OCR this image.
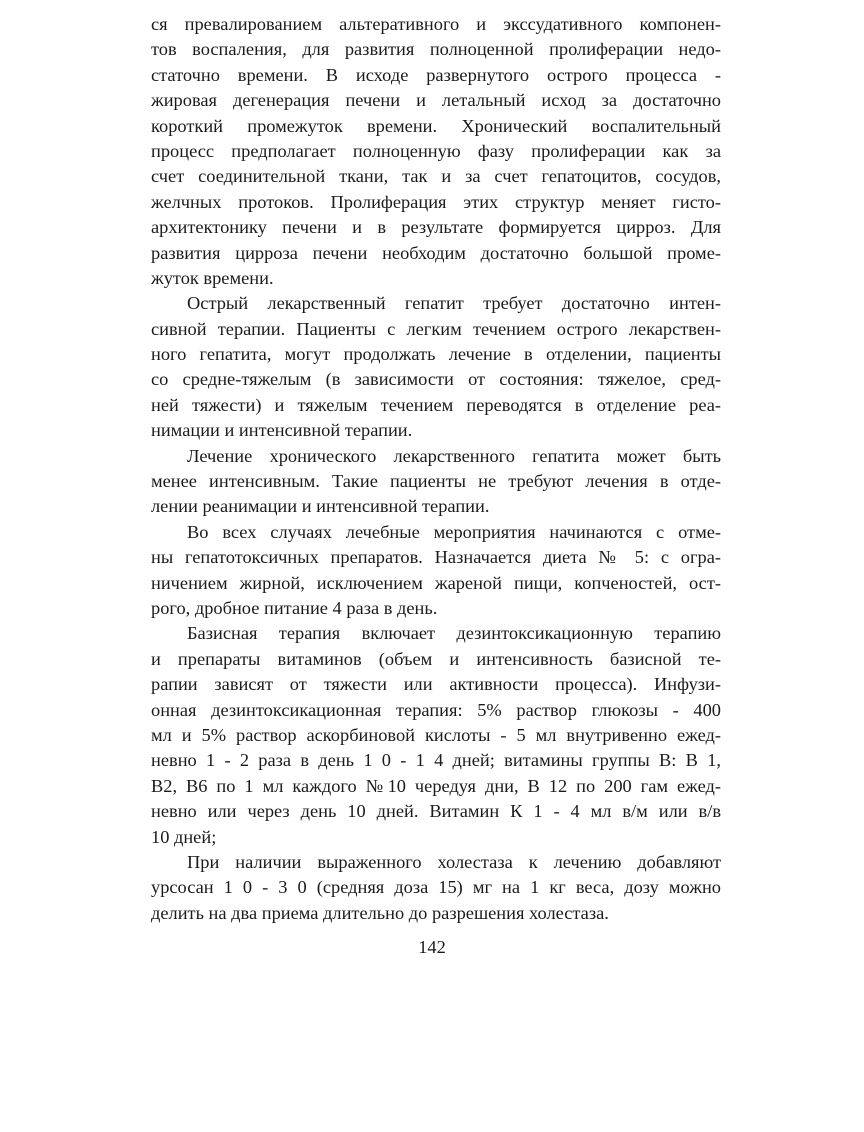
ся превалированием альтеративного и экссудативного компонен-
тов воспаления, для развития полноценной пролиферации недо-
статочно времени. В исходе развернутого острого процесса -
жировая дегенерация печени и летальный исход за достаточно
короткий промежуток времени. Хронический воспалительный
процесс предполагает полноценную фазу пролиферации как за
счет соединительной ткани, так и за счет гепатоцитов, сосудов,
желчных протоков. Пролиферация этих структур меняет гисто-
архитектонику печени и в результате формируется цирроз. Для
развития цирроза печени необходим достаточно большой проме-
жуток времени.
Острый лекарственный гепатит требует достаточно интен-
сивной терапии. Пациенты с легким течением острого лекарствен-
ного гепатита, могут продолжать лечение в отделении, пациенты
со средне-тяжелым (в зависимости от состояния: тяжелое, сред-
ней тяжести) и тяжелым течением переводятся в отделение реа-
нимации и интенсивной терапии.
Лечение хронического лекарственного гепатита может быть
менее интенсивным. Такие пациенты не требуют лечения в отде-
лении реанимации и интенсивной терапии.
Во всех случаях лечебные мероприятия начинаются с отме-
ны гепатотоксичных препаратов. Назначается диета № 5: с огра-
ничением жирной, исключением жареной пищи, копченостей, ост-
рого, дробное питание 4 раза в день.
Базисная терапия включает дезинтоксикационную терапию
и препараты витаминов (объем и интенсивность базисной те-
рапии зависят от тяжести или активности процесса). Инфузи-
онная дезинтоксикационная терапия: 5% раствор глюкозы - 400
мл и 5% раствор аскорбиновой кислоты - 5 мл внутривенно ежед-
невно 1 - 2 раза в день 1 0 - 1 4 дней; витамины группы В: В 1,
В2, В6 по 1 мл каждого №10 чередуя дни, В 12 по 200 гам ежед-
невно или через день 10 дней. Витамин К 1 - 4 мл в/м или в/в
10 дней;
При наличии выраженного холестаза к лечению добавляют
урсосан 1 0 - 3 0 (средняя доза 15) мг на 1 кг веса, дозу можно
делить на два приема длительно до разрешения холестаза.
142
